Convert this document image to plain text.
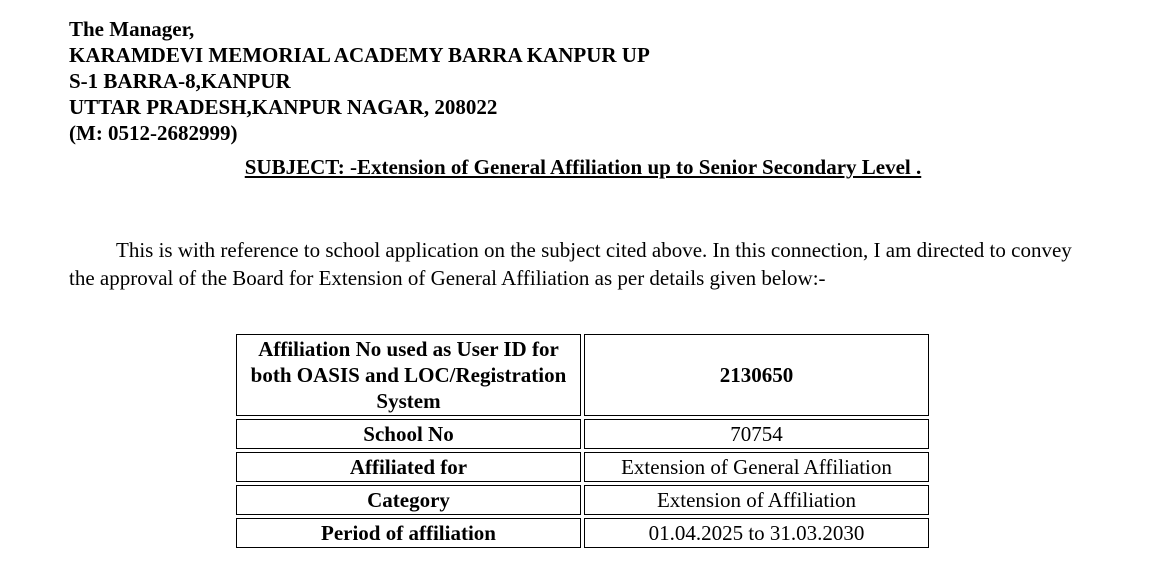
The Manager,
KARAMDEVI MEMORIAL ACADEMY BARRA KANPUR UP
S-1 BARRA-8,KANPUR
UTTAR PRADESH,KANPUR NAGAR, 208022
(M: 0512-2682999)
SUBJECT: -Extension of General Affiliation up to Senior Secondary Level .
This is with reference to school application on the subject cited above. In this connection, I am directed to convey the approval of the Board for Extension of General Affiliation as per details given below:-
Affiliation No used as User ID for both OASIS and LOC/Registration System	2130650
School No	70754
Affiliated for	Extension of General Affiliation
Category	Extension of Affiliation
Period of affiliation	01.04.2025 to 31.03.2030
